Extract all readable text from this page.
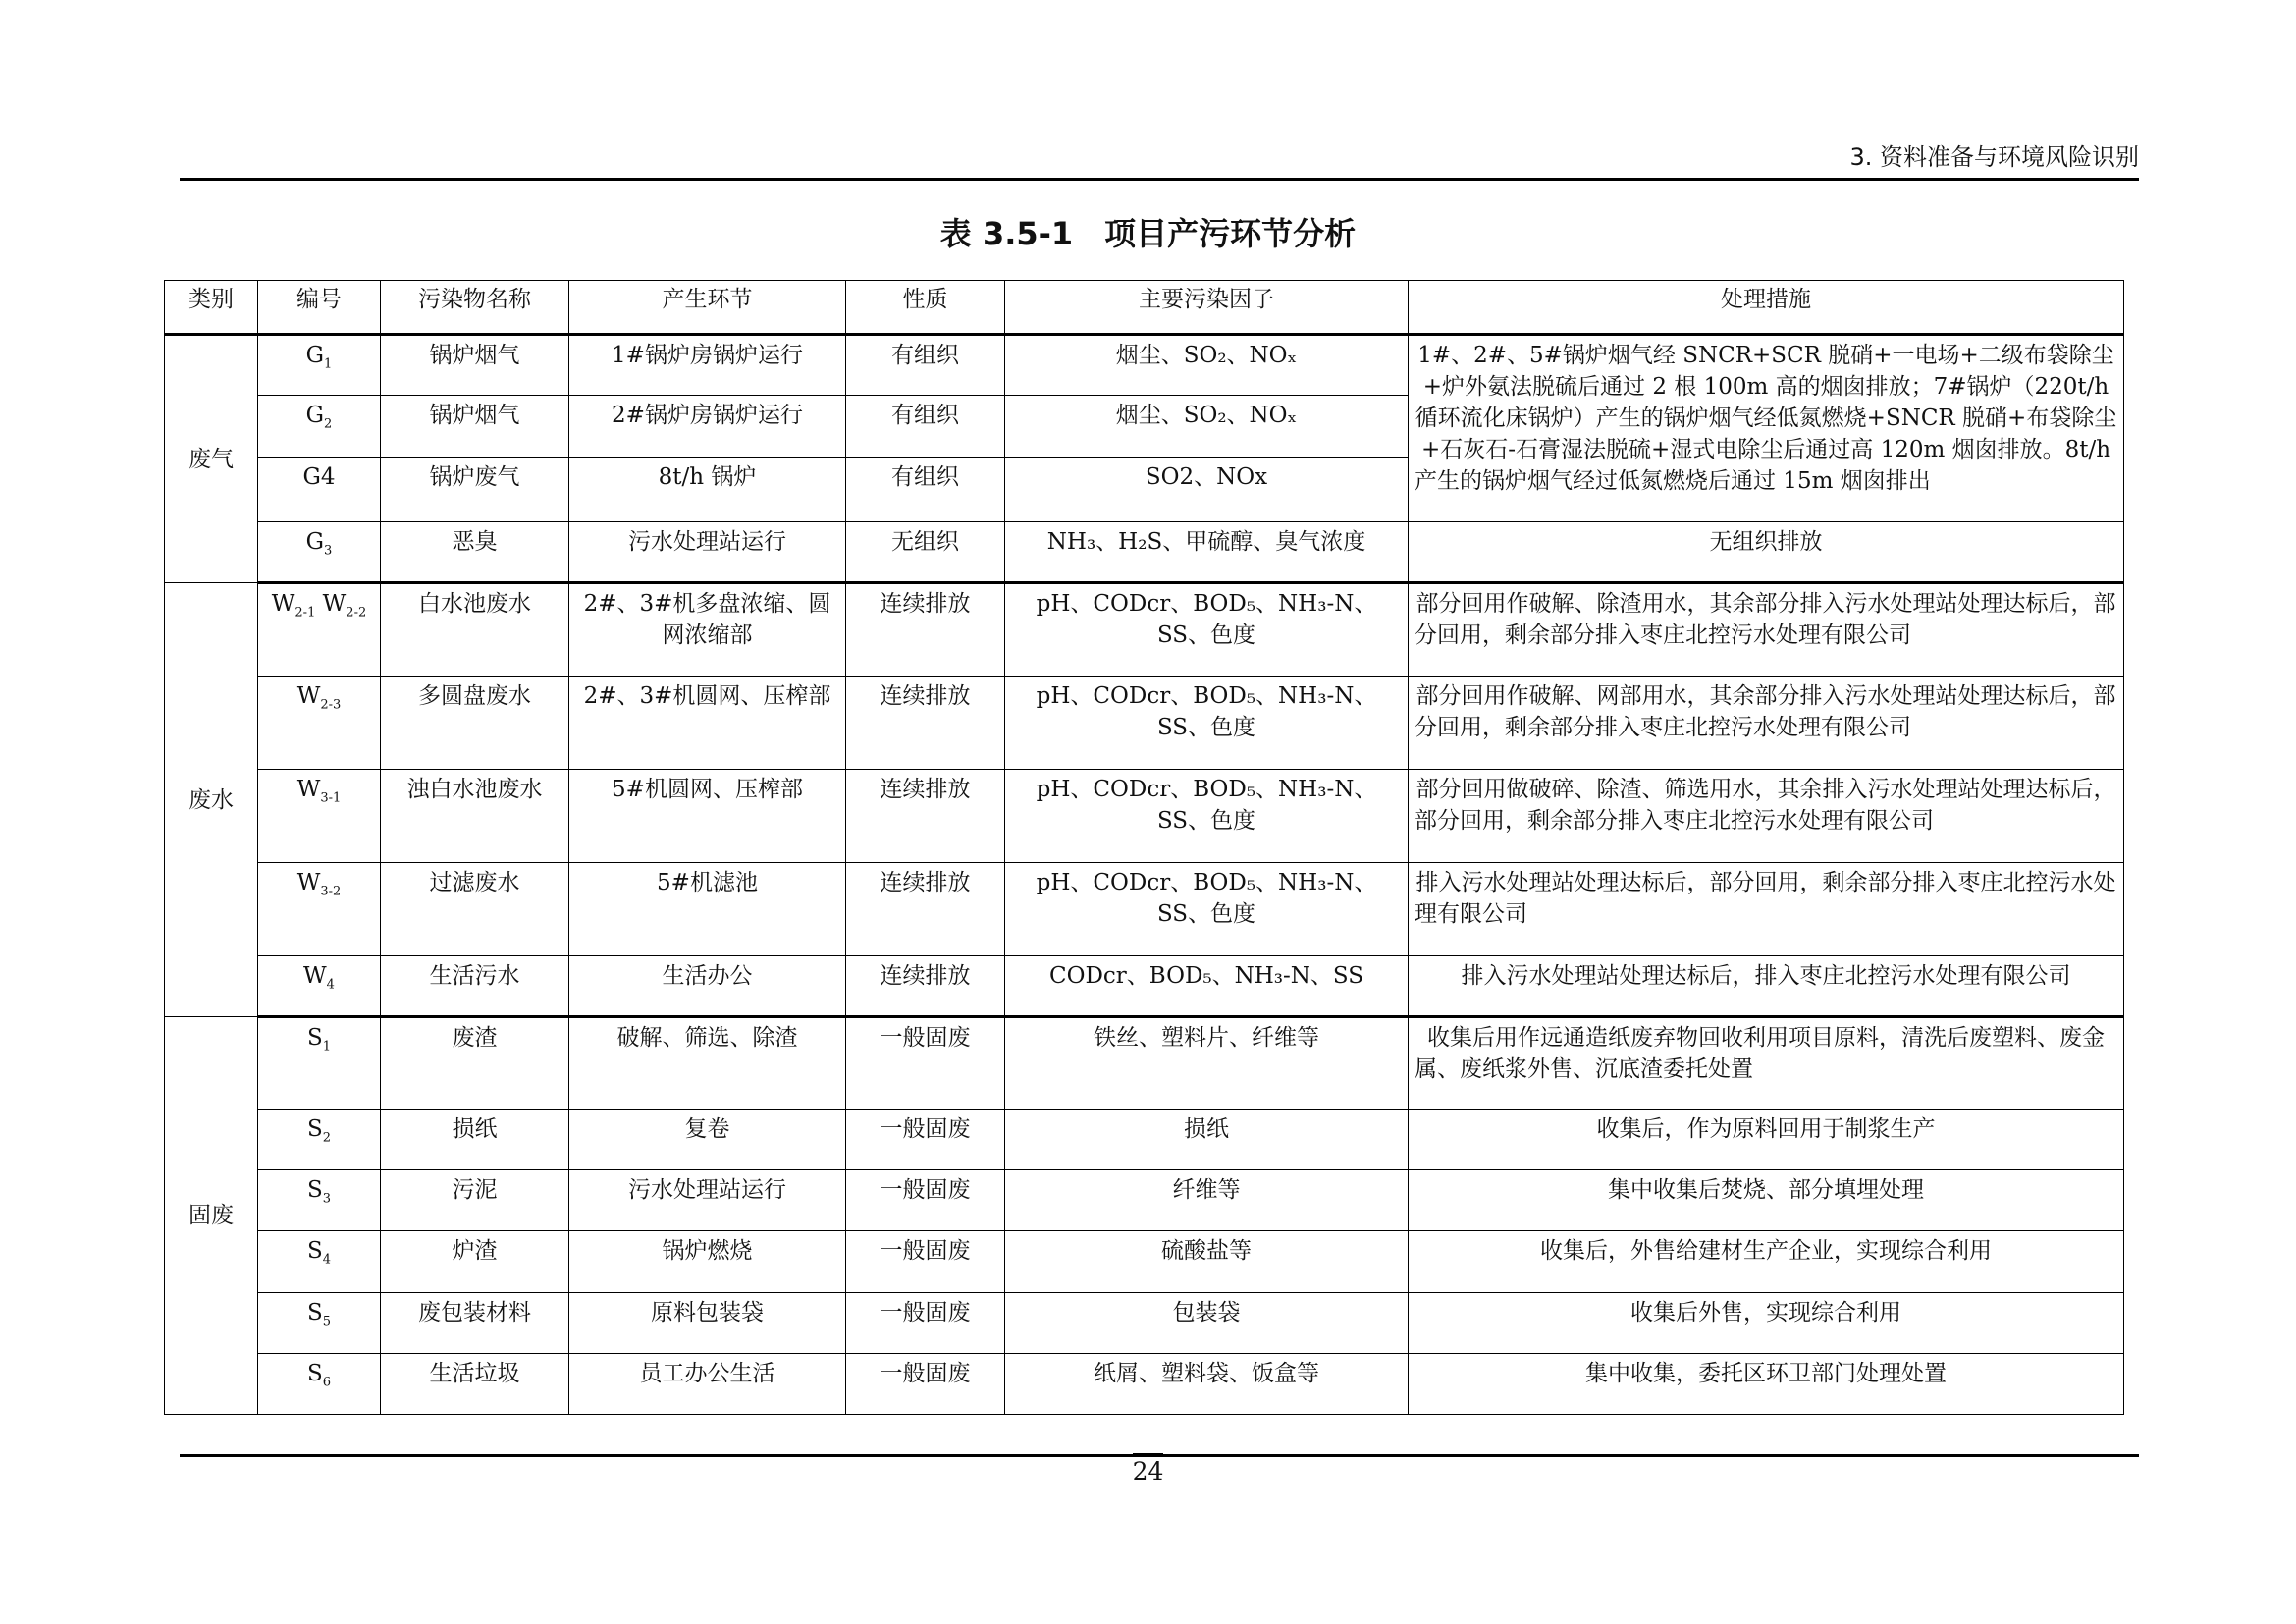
3. 资料准备与环境风险识别
表 3.5-1　项目产污环节分析
类别	编号	污染物名称	产生环节	性质	主要污染因子	处理措施
废气	$G_1$	锅炉烟气	1#锅炉房锅炉运行	有组织	烟尘、SO₂、NOₓ	1#、2#、5#锅炉烟气经 SNCR+SCR 脱硝+一电场+二级布袋除尘+炉外氨法脱硫后通过 2 根 100m 高的烟囱排放；7#锅炉（220t/h 循环流化床锅炉）产生的锅炉烟气经低氮燃烧+SNCR 脱硝+布袋除尘+石灰石-石膏湿法脱硫+湿式电除尘后通过高 120m 烟囱排放。8t/h 产生的锅炉烟气经过低氮燃烧后通过 15m 烟囱排出
	$G_2$	锅炉烟气	2#锅炉房锅炉运行	有组织	烟尘、SO₂、NOₓ	
	G4	锅炉废气	8t/h 锅炉	有组织	SO2、NOx	
	$G_3$	恶臭	污水处理站运行	无组织	NH₃、H₂S、甲硫醇、臭气浓度	无组织排放
废水	$W_{2-1}$ $W_{2-2}$	白水池废水	2#、3#机多盘浓缩、圆网浓缩部	连续排放	pH、CODcr、BOD₅、NH₃-N、SS、色度	部分回用作破解、除渣用水，其余部分排入污水处理站处理达标后，部分回用，剩余部分排入枣庄北控污水处理有限公司
	$W_{2-3}$	多圆盘废水	2#、3#机圆网、压榨部	连续排放	pH、CODcr、BOD₅、NH₃-N、SS、色度	部分回用作破解、网部用水，其余部分排入污水处理站处理达标后，部分回用，剩余部分排入枣庄北控污水处理有限公司
	$W_{3-1}$	浊白水池废水	5#机圆网、压榨部	连续排放	pH、CODcr、BOD₅、NH₃-N、SS、色度	部分回用做破碎、除渣、筛选用水，其余排入污水处理站处理达标后，部分回用，剩余部分排入枣庄北控污水处理有限公司
	$W_{3-2}$	过滤废水	5#机滤池	连续排放	pH、CODcr、BOD₅、NH₃-N、SS、色度	排入污水处理站处理达标后，部分回用，剩余部分排入枣庄北控污水处理有限公司
	$W_4$	生活污水	生活办公	连续排放	CODcr、BOD₅、NH₃-N、SS	排入污水处理站处理达标后，排入枣庄北控污水处理有限公司
固废	$S_1$	废渣	破解、筛选、除渣	一般固废	铁丝、塑料片、纤维等	收集后用作远通造纸废弃物回收利用项目原料，清洗后废塑料、废金属、废纸浆外售、沉底渣委托处置
	$S_2$	损纸	复卷	一般固废	损纸	收集后，作为原料回用于制浆生产
	$S_3$	污泥	污水处理站运行	一般固废	纤维等	集中收集后焚烧、部分填埋处理
	$S_4$	炉渣	锅炉燃烧	一般固废	硫酸盐等	收集后，外售给建材生产企业，实现综合利用
	$S_5$	废包装材料	原料包装袋	一般固废	包装袋	收集后外售，实现综合利用
	$S_6$	生活垃圾	员工办公生活	一般固废	纸屑、塑料袋、饭盒等	集中收集，委托区环卫部门处理处置
24
